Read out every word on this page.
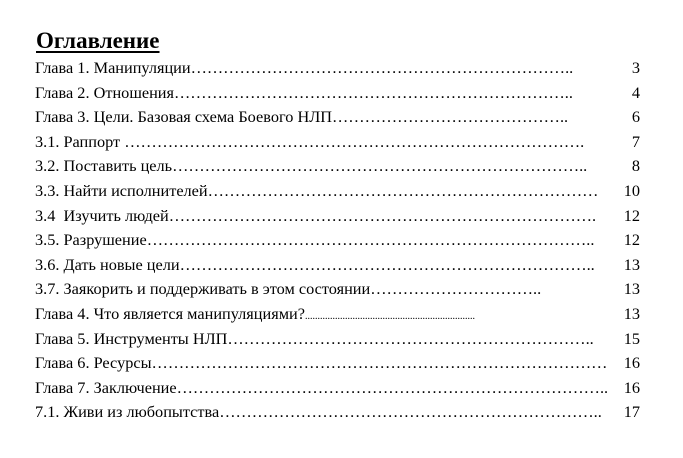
Оглавление
Глава 1. Манипуляции ……………………………………………………………..	3
Глава 2. Отношения ………………………………………………………………..	4
Глава 3. Цели. Базовая схема Боевого НЛП ……………………………………..	6
3.1. Раппорт ………………………………………………………………………….	7
3.2. Поставить цель …………………………………………………………………..	8
3.3. Найти исполнителей ………………………………………………………………	10
3.4  Изучить людей …………………………………………………………………….	12
3.5. Разрушение ………………………………………………………………………..	12
3.6. Дать новые цели …………………………………………………………………..	13
3.7. Заякорить и поддерживать в этом состоянии …………………………..	13
Глава 4. Что является манипуляциями? ....................................................................	13
Глава 5. Инструменты НЛП …………………………………………………………..	15
Глава 6. Ресурсы …………………………………………………………………………	16
Глава 7. Заключение …………………………………………………………………….. 16
7.1. Живи из любопытства ……………………………………………………………..	17
